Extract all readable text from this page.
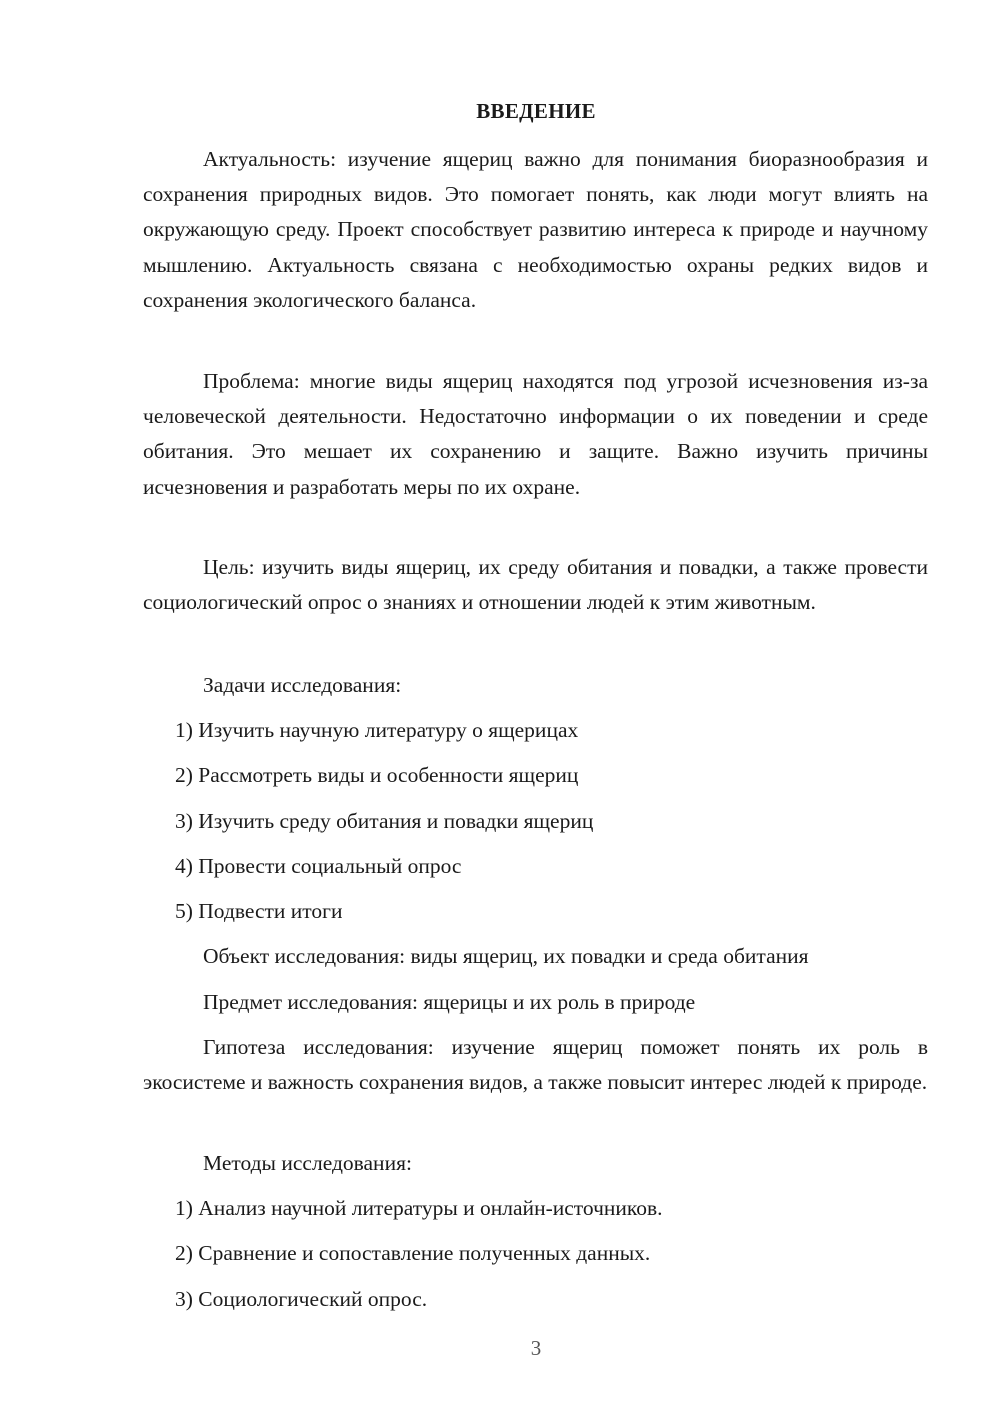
ВВЕДЕНИЕ

Актуальность: изучение ящериц важно для понимания биоразнообразия и сохранения природных видов. Это помогает понять, как люди могут влиять на окружающую среду. Проект способствует развитию интереса к природе и научному мышлению. Актуальность связана с необходимостью охраны редких видов и сохранения экологического баланса.

Проблема: многие виды ящериц находятся под угрозой исчезновения из-за человеческой деятельности. Недостаточно информации о их поведении и среде обитания. Это мешает их сохранению и защите. Важно изучить причины исчезновения и разработать меры по их охране.

Цель: изучить виды ящериц, их среду обитания и повадки, а также провести социологический опрос о знаниях и отношении людей к этим животным.

Задачи исследования:

1) Изучить научную литературу о ящерицах

2) Рассмотреть виды и особенности ящериц

3) Изучить среду обитания и повадки ящериц

4) Провести социальный опрос

5) Подвести итоги

Объект исследования: виды ящериц, их повадки и среда обитания

Предмет исследования: ящерицы и их роль в природе

Гипотеза исследования: изучение ящериц поможет понять их роль в экосистеме и важность сохранения видов, а также повысит интерес людей к природе.

Методы исследования:

1) Анализ научной литературы и онлайн-источников.

2) Сравнение и сопоставление полученных данных.

3) Социологический опрос.

3
